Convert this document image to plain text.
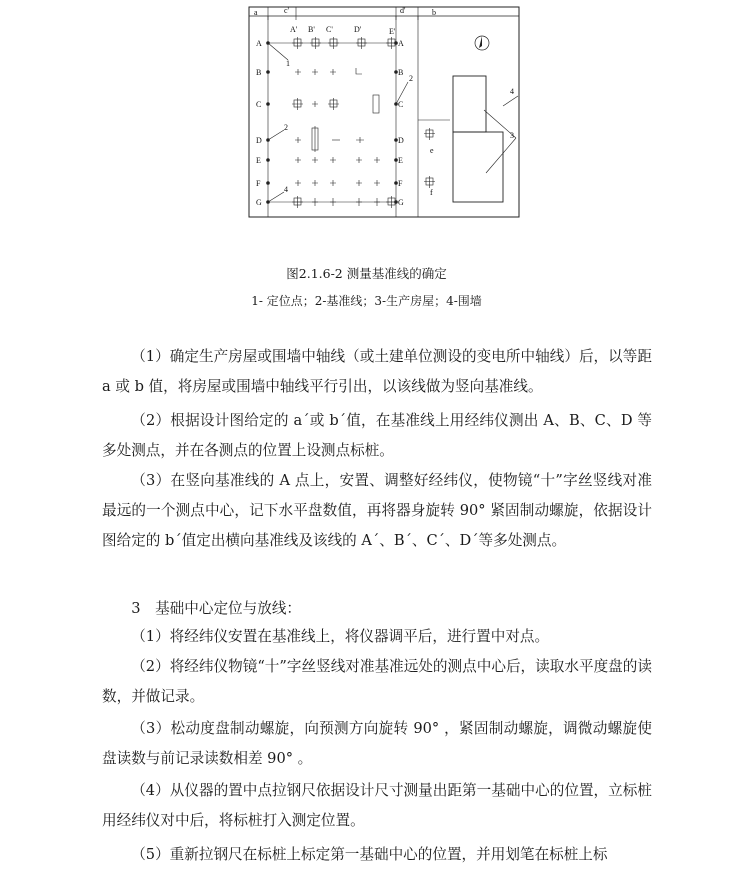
a	c'	d'	b
A' B' C'	D'	E'
A
B
C
D
E
F
G
A
B
C
D
E
F
G
e
f
1
2
2
4
4
3
图2.1.6-2 测量基准线的确定
1- 定位点；2-基准线；3-生产房屋；4-围墙

（1）确定生产房屋或围墙中轴线（或土建单位测设的变电所中轴线）后，以等距 a 或 b 值，将房屋或围墙中轴线平行引出，以该线做为竖向基准线。

（2）根据设计图给定的 a´或 b´值，在基准线上用经纬仪测出 A、B、C、D 等多处测点，并在各测点的位置上设测点标桩。

（3）在竖向基准线的 A 点上，安置、调整好经纬仪，使物镜“十”字丝竖线对准最远的一个测点中心，记下水平盘数值，再将器身旋转 90° 紧固制动螺旋，依据设计图给定的 b´值定出横向基准线及该线的 A´、B´、C´、D´等多处测点。

3　基础中心定位与放线：

（1）将经纬仪安置在基准线上，将仪器调平后，进行置中对点。

（2）将经纬仪物镜“十”字丝竖线对准基准远处的测点中心后，读取水平度盘的读数，并做记录。

（3）松动度盘制动螺旋，向预测方向旋转 90° ，紧固制动螺旋，调微动螺旋使盘读数与前记录读数相差 90° 。

（4）从仪器的置中点拉钢尺依据设计尺寸测量出距第一基础中心的位置，立标桩用经纬仪对中后，将标桩打入测定位置。

（5）重新拉钢尺在标桩上标定第一基础中心的位置，并用划笔在标桩上标
